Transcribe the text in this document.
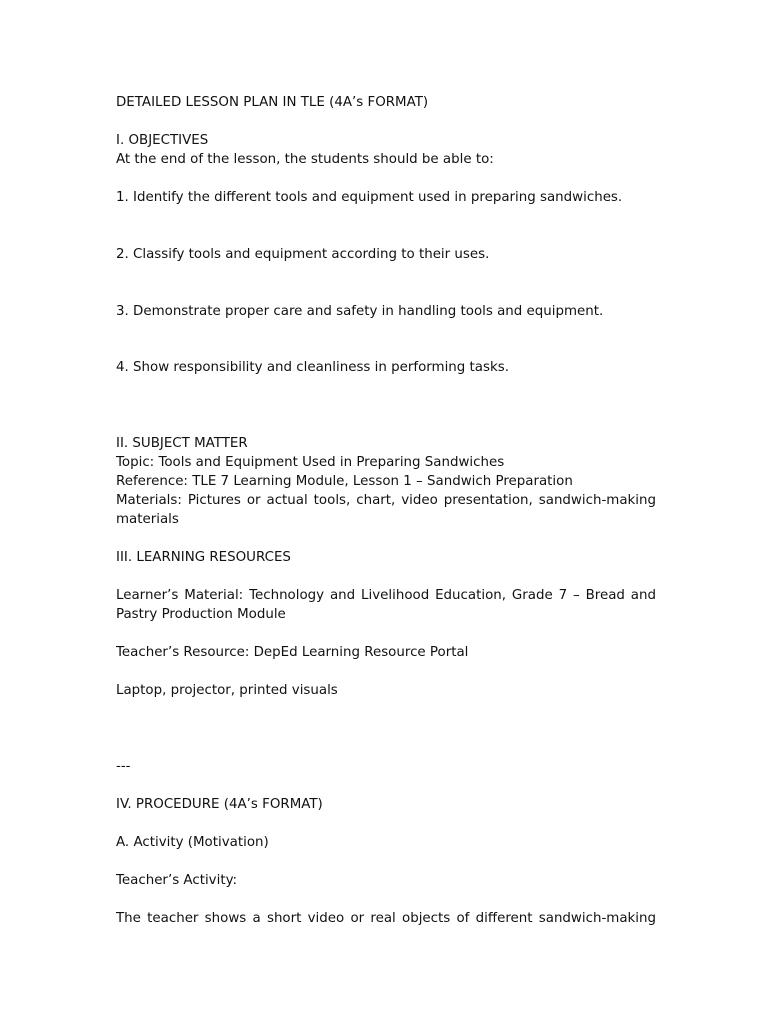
DETAILED LESSON PLAN IN TLE (4A’s FORMAT)
I. OBJECTIVES
At the end of the lesson, the students should be able to:
1. Identify the different tools and equipment used in preparing sandwiches.
2. Classify tools and equipment according to their uses.
3. Demonstrate proper care and safety in handling tools and equipment.
4. Show responsibility and cleanliness in performing tasks.
II. SUBJECT MATTER
Topic: Tools and Equipment Used in Preparing Sandwiches
Reference: TLE 7 Learning Module, Lesson 1 – Sandwich Preparation
Materials: Pictures or actual tools, chart, video presentation, sandwich-making
materials
III. LEARNING RESOURCES
Learner’s Material: Technology and Livelihood Education, Grade 7 – Bread and
Pastry Production Module
Teacher’s Resource: DepEd Learning Resource Portal
Laptop, projector, printed visuals
---
IV. PROCEDURE (4A’s FORMAT)
A. Activity (Motivation)
Teacher’s Activity:
The teacher shows a short video or real objects of different sandwich-making
